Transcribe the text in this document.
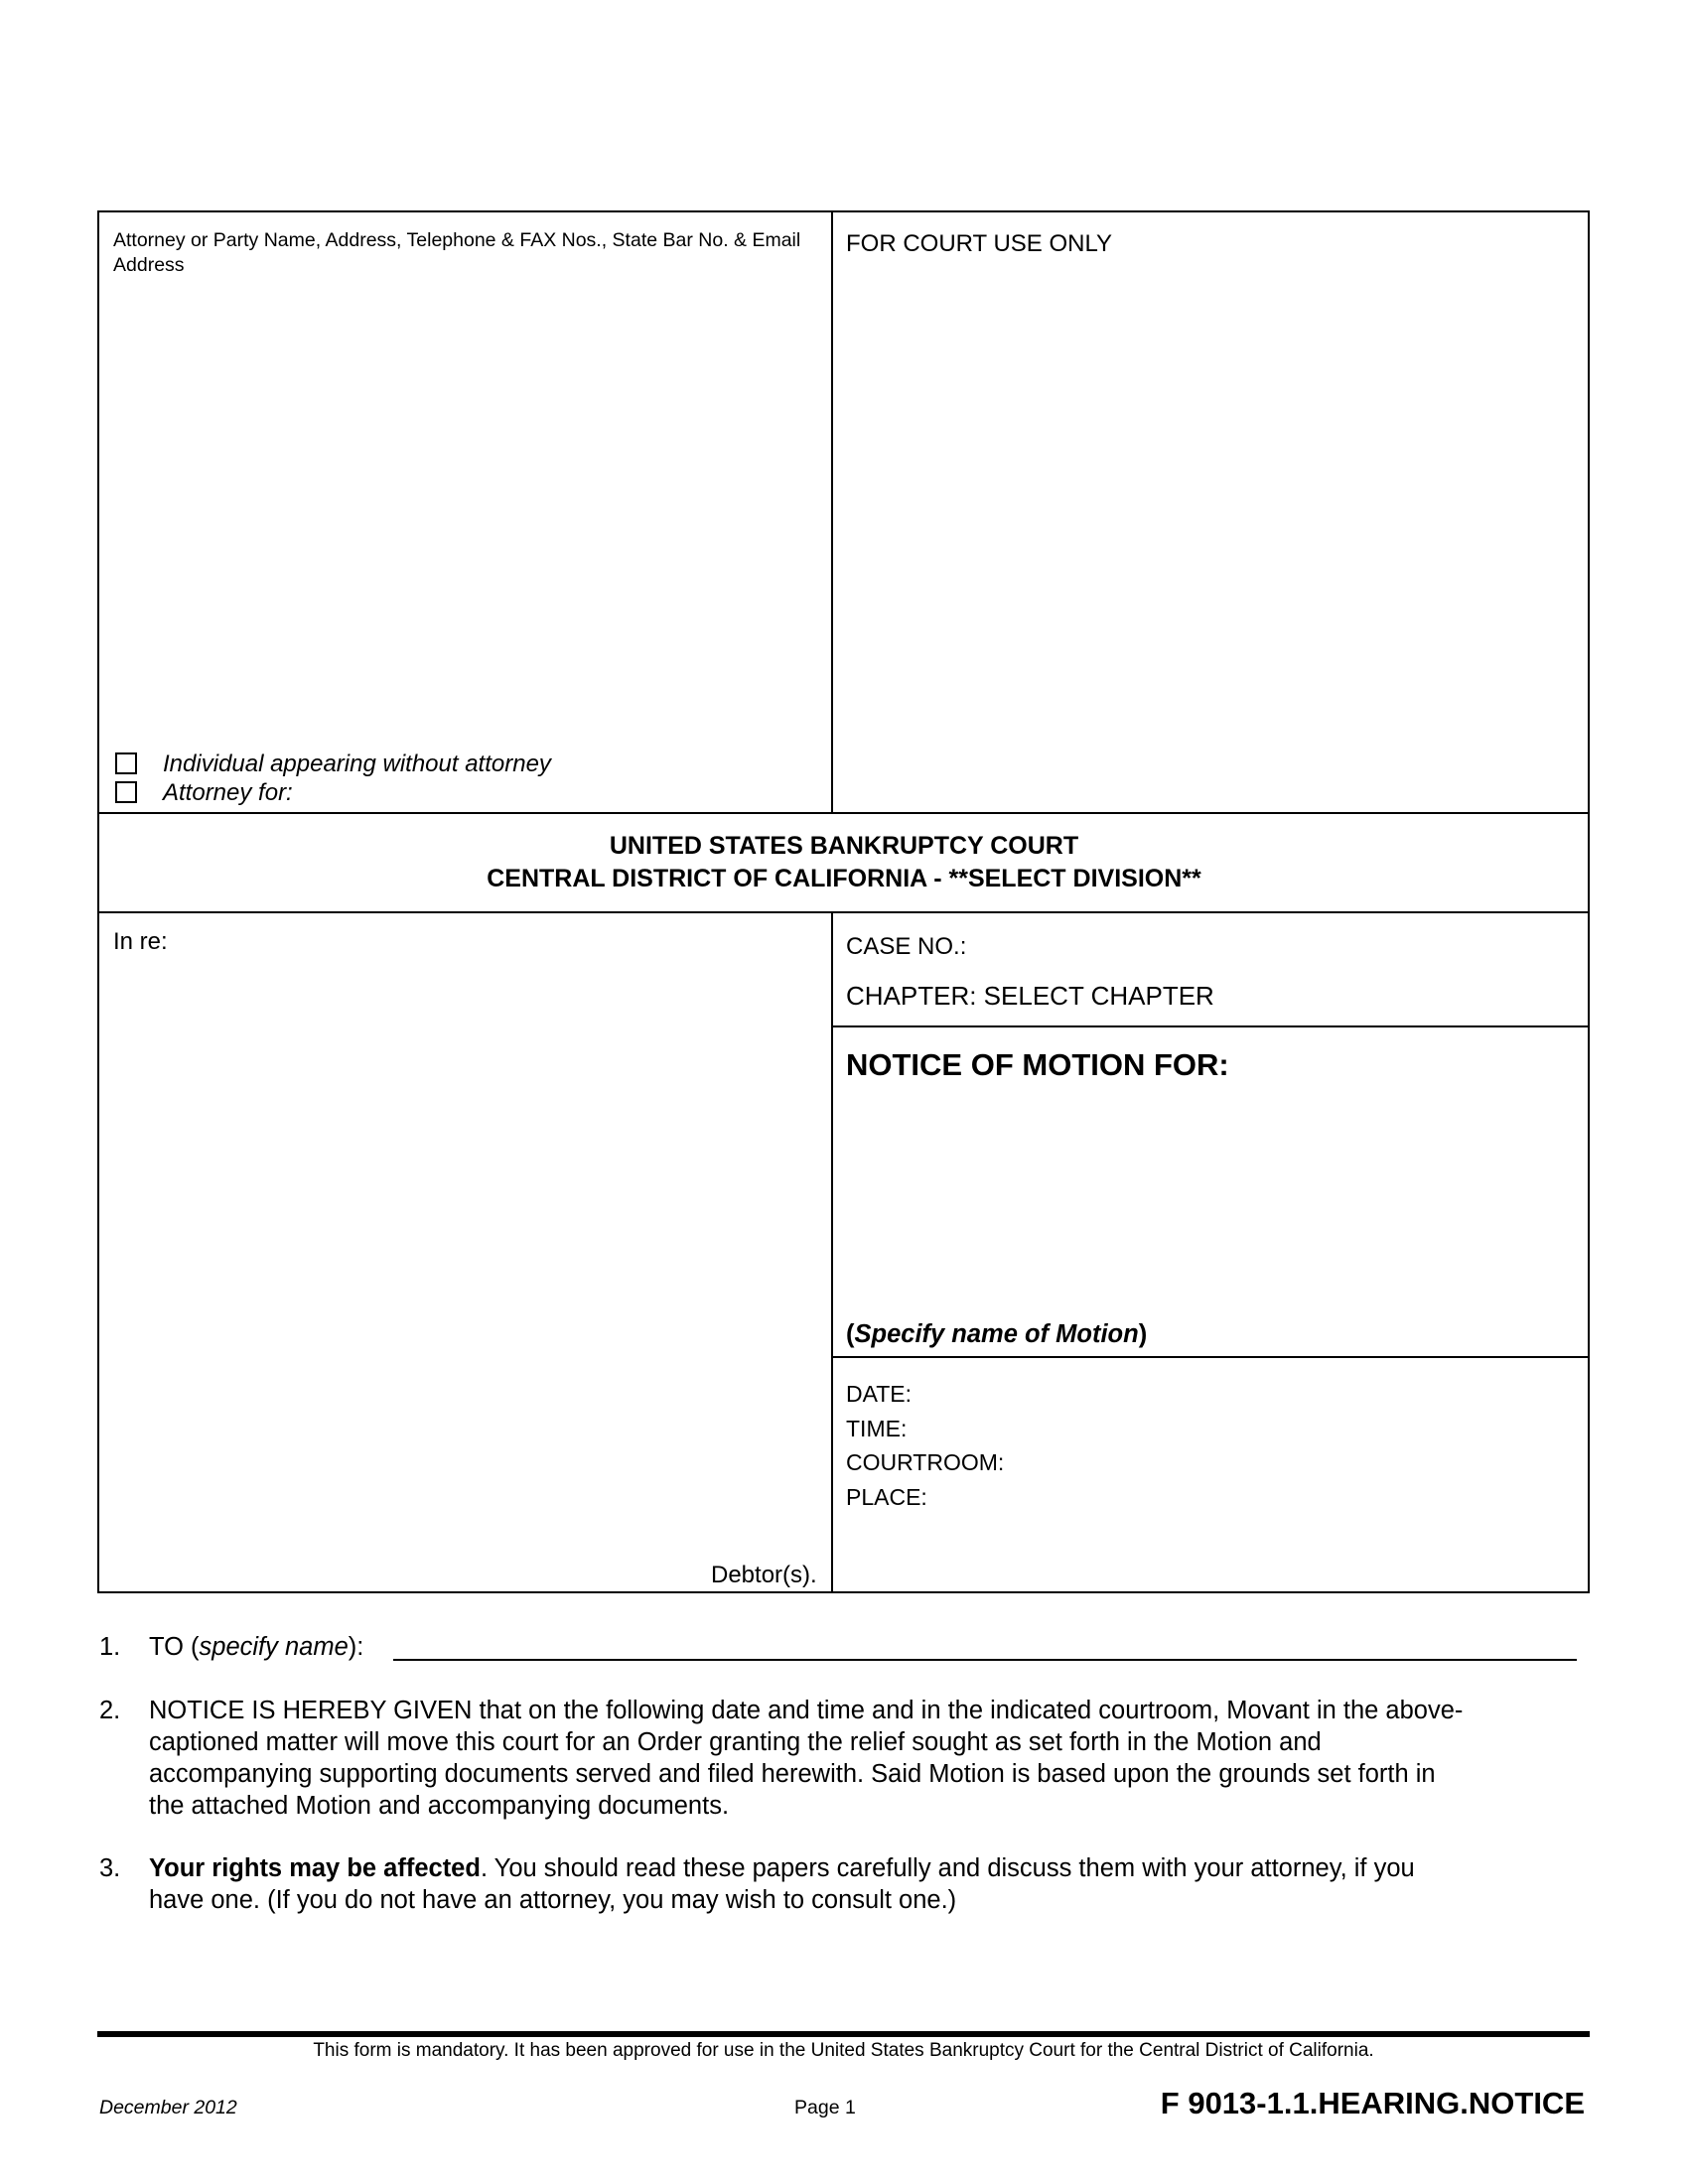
Attorney or Party Name, Address, Telephone & FAX Nos., State Bar No. & Email Address
FOR COURT USE ONLY
Individual appearing without attorney
Attorney for:
UNITED STATES BANKRUPTCY COURT
CENTRAL DISTRICT OF CALIFORNIA - **SELECT DIVISION**
In re:
Debtor(s).
CASE NO.:
CHAPTER: SELECT CHAPTER
NOTICE OF MOTION FOR:
(Specify name of Motion)
DATE:
TIME:
COURTROOM:
PLACE:
1. TO (specify name):
2. NOTICE IS HEREBY GIVEN that on the following date and time and in the indicated courtroom, Movant in the above-
captioned matter will move this court for an Order granting the relief sought as set forth in the Motion and
accompanying supporting documents served and filed herewith. Said Motion is based upon the grounds set forth in
the attached Motion and accompanying documents.
3. Your rights may be affected. You should read these papers carefully and discuss them with your attorney, if you
have one. (If you do not have an attorney, you may wish to consult one.)
This form is mandatory. It has been approved for use in the United States Bankruptcy Court for the Central District of California.
December 2012	Page 1	F 9013-1.1.HEARING.NOTICE
